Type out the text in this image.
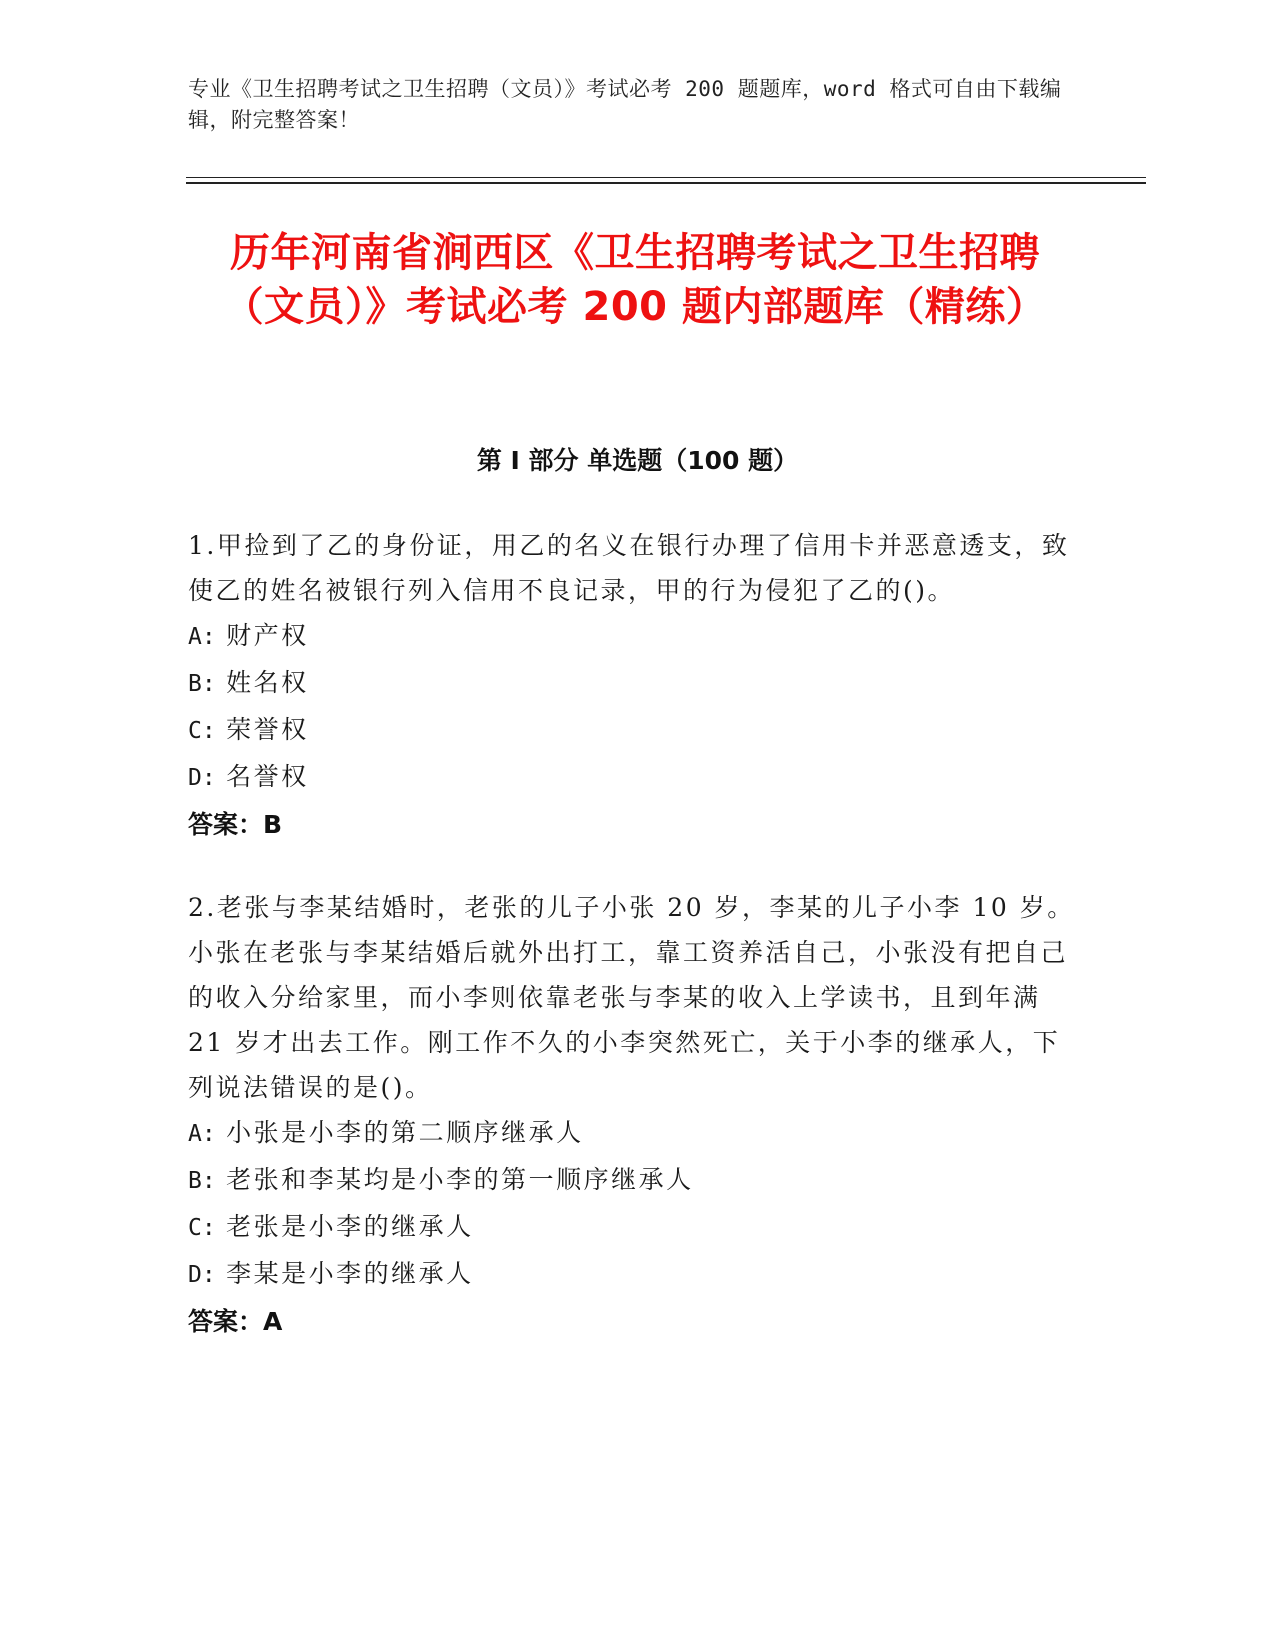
专业《卫生招聘考试之卫生招聘（文员）》考试必考 200 题题库，word 格式可自由下载编辑，附完整答案！
历年河南省涧西区《卫生招聘考试之卫生招聘（文员）》考试必考 200 题内部题库（精练）
第 I 部分 单选题（100 题）
1.甲捡到了乙的身份证，用乙的名义在银行办理了信用卡并恶意透支，致使乙的姓名被银行列入信用不良记录，甲的行为侵犯了乙的()。
A: 财产权
B: 姓名权
C: 荣誉权
D: 名誉权
答案：B
2.老张与李某结婚时，老张的儿子小张 20 岁，李某的儿子小李 10 岁。小张在老张与李某结婚后就外出打工，靠工资养活自己，小张没有把自己的收入分给家里，而小李则依靠老张与李某的收入上学读书，且到年满 21 岁才出去工作。刚工作不久的小李突然死亡，关于小李的继承人，下列说法错误的是()。
A: 小张是小李的第二顺序继承人
B: 老张和李某均是小李的第一顺序继承人
C: 老张是小李的继承人
D: 李某是小李的继承人
答案：A
